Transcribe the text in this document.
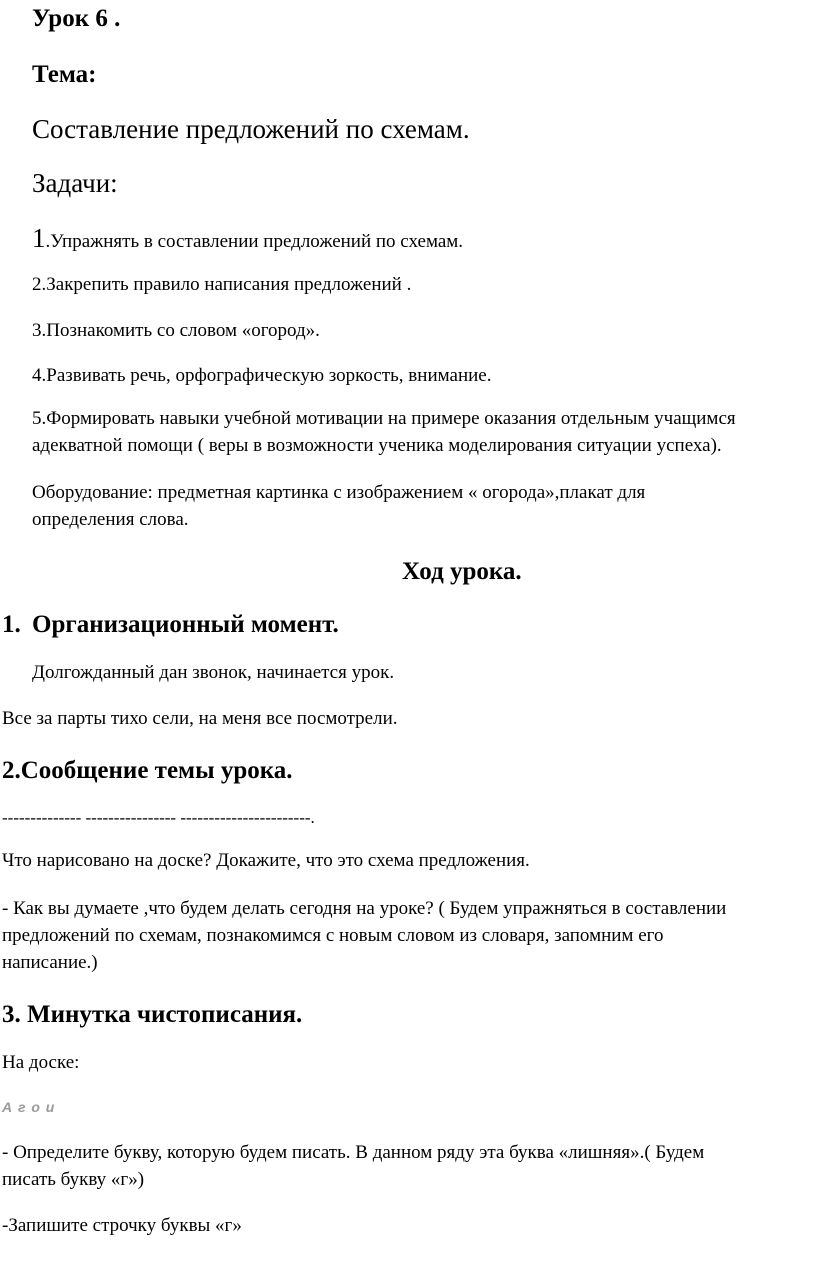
Урок 6 .

Тема:

Составление предложений по схемам.

Задачи:

1.Упражнять в составлении предложений по схемам.

2.Закрепить правило написания предложений .

3.Познакомить со словом «огород».

4.Развивать речь, орфографическую зоркость, внимание.

5.Формировать навыки учебной мотивации на примере оказания отдельным учащимся

адекватной помощи ( веры в возможности ученика моделирования ситуации успеха).

Оборудование: предметная картинка с изображением « огорода»,плакат для

определения слова.

Ход урока.

1. Организационный момент.

Долгожданный дан звонок, начинается урок.

Все за парты тихо сели, на меня все посмотрели.

2.Сообщение темы урока.

-------------- ---------------- -----------------------.

Что нарисовано на доске? Докажите, что это схема предложения.

- Как вы думаете ,что будем делать сегодня на уроке? ( Будем упражняться в составлении

предложений по схемам, познакомимся с новым словом из словаря, запомним его

написание.)

3. Минутка чистописания.

На доске:

А г о и

- Определите букву, которую будем писать. В данном ряду эта буква «лишняя».( Будем

писать букву «г»)

-Запишите строчку буквы «г»
